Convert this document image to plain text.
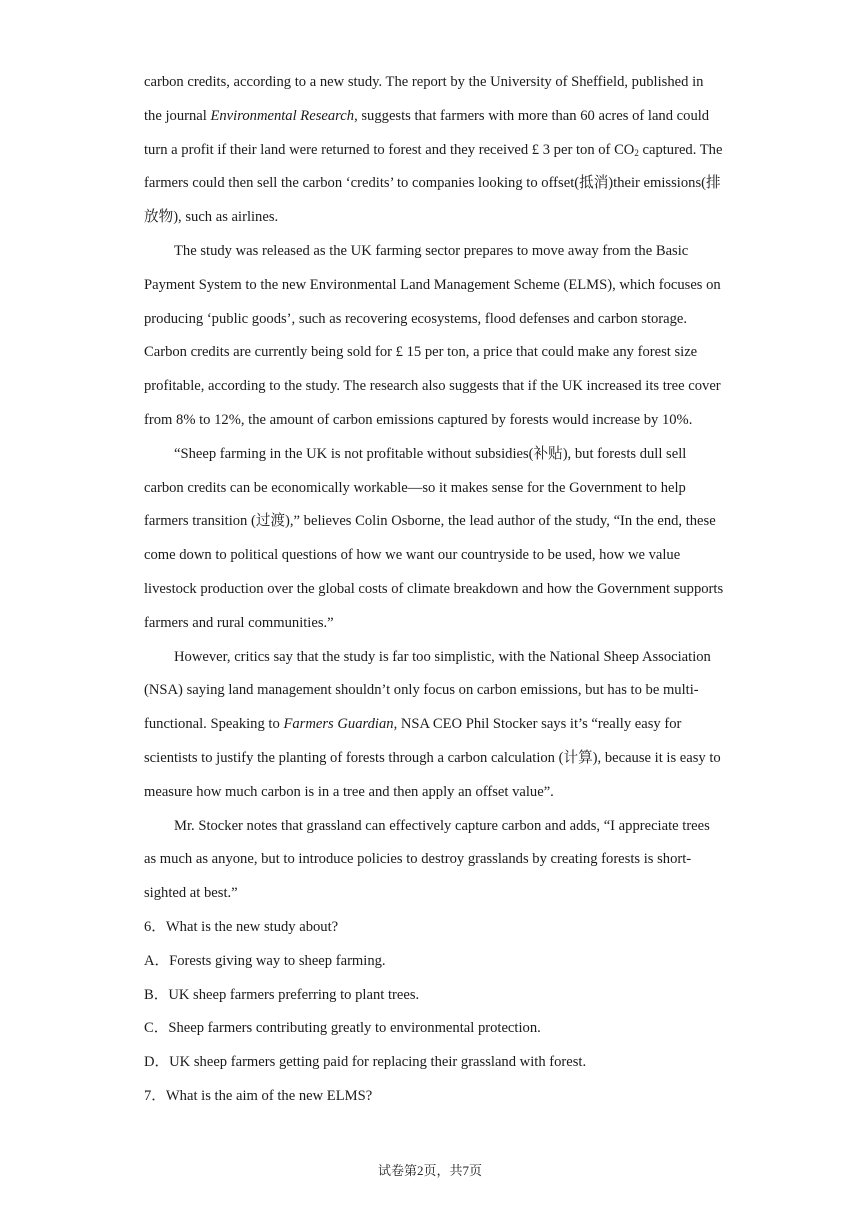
carbon credits, according to a new study. The report by the University of Sheffield, published in the journal Environmental Research, suggests that farmers with more than 60 acres of land could turn a profit if their land were returned to forest and they received £ 3 per ton of $CO_2$ captured. The farmers could then sell the carbon ‘credits’ to companies looking to offset(抵消)their emissions(排放物), such as airlines.

The study was released as the UK farming sector prepares to move away from the Basic Payment System to the new Environmental Land Management Scheme (ELMS), which focuses on producing ‘public goods’, such as recovering ecosystems, flood defenses and carbon storage. Carbon credits are currently being sold for £ 15 per ton, a price that could make any forest size profitable, according to the study. The research also suggests that if the UK increased its tree cover from 8% to 12%, the amount of carbon emissions captured by forests would increase by 10%.

“Sheep farming in the UK is not profitable without subsidies(补贴), but forests dull sell carbon credits can be economically workable—so it makes sense for the Government to help farmers transition (过渡),” believes Colin Osborne, the lead author of the study, “In the end, these come down to political questions of how we want our countryside to be used, how we value livestock production over the global costs of climate breakdown and how the Government supports farmers and rural communities.”

However, critics say that the study is far too simplistic, with the National Sheep Association (NSA) saying land management shouldn’t only focus on carbon emissions, but has to be multi-functional. Speaking to Farmers Guardian, NSA CEO Phil Stocker says it’s “really easy for scientists to justify the planting of forests through a carbon calculation (计算), because it is easy to measure how much carbon is in a tree and then apply an offset value”.

Mr. Stocker notes that grassland can effectively capture carbon and adds, “I appreciate trees as much as anyone, but to introduce policies to destroy grasslands by creating forests is short-sighted at best.”

6．What is the new study about?

A．Forests giving way to sheep farming.

B．UK sheep farmers preferring to plant trees.

C．Sheep farmers contributing greatly to environmental protection.

D．UK sheep farmers getting paid for replacing their grassland with forest.

7．What is the aim of the new ELMS?

试卷第2页，共7页
